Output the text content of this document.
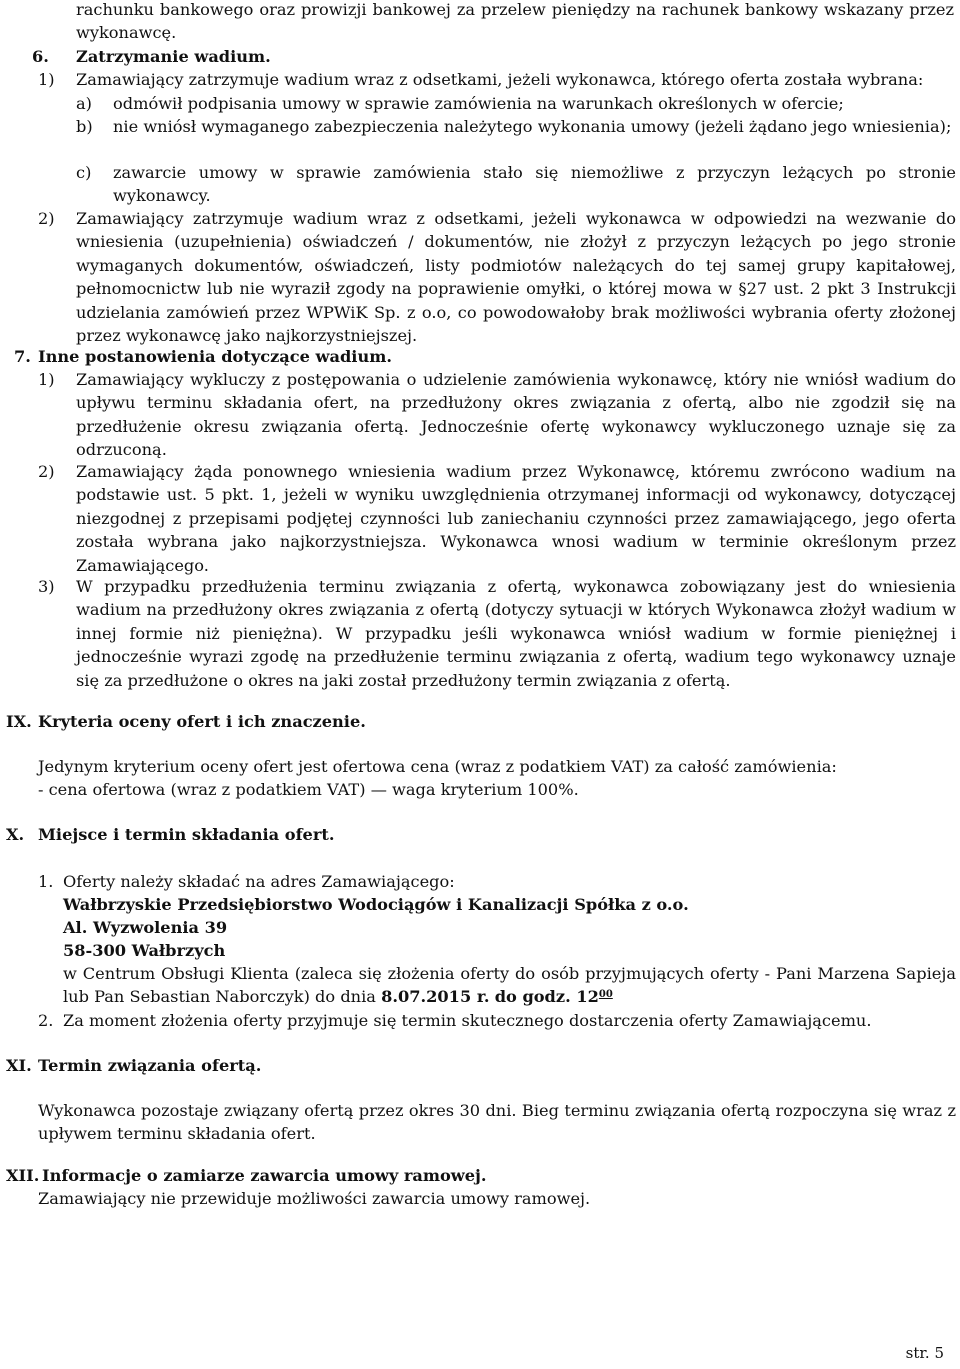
rachunku bankowego oraz prowizji bankowej za przelew pieniędzy na rachunek bankowy wskazany przez wykonawcę.

6. Zatrzymanie wadium.
1) Zamawiający zatrzymuje wadium wraz z odsetkami, jeżeli wykonawca, którego oferta została wybrana:

a) odmówił podpisania umowy w sprawie zamówienia na warunkach określonych w ofercie;

b) nie wniósł wymaganego zabezpieczenia należytego wykonania umowy (jeżeli żądano jego wniesienia);

c) zawarcie umowy w sprawie zamówienia stało się niemożliwe z przyczyn leżących po stronie wykonawcy.

2) Zamawiający zatrzymuje wadium wraz z odsetkami, jeżeli wykonawca w odpowiedzi na wezwanie do wniesienia (uzupełnienia) oświadczeń / dokumentów, nie złożył z przyczyn leżących po jego stronie wymaganych dokumentów, oświadczeń, listy podmiotów należących do tej samej grupy kapitałowej, pełnomocnictw lub nie wyraził zgody na poprawienie omyłki, o której mowa w §27 ust. 2 pkt 3 Instrukcji udzielania zamówień przez WPWiK Sp. z o.o, co powodowałoby brak możliwości wybrania oferty złożonej przez wykonawcę jako najkorzystniejszej.

7. Inne postanowienia dotyczące wadium.
1) Zamawiający wykluczy z postępowania o udzielenie zamówienia wykonawcę, który nie wniósł wadium do upływu terminu składania ofert, na przedłużony okres związania z ofertą, albo nie zgodził się na przedłużenie okresu związania ofertą. Jednocześnie ofertę wykonawcy wykluczonego uznaje się za odrzuconą.

2) Zamawiający żąda ponownego wniesienia wadium przez Wykonawcę, któremu zwrócono wadium na podstawie ust. 5 pkt. 1, jeżeli w wyniku uwzględnienia otrzymanej informacji od wykonawcy, dotyczącej niezgodnej z przepisami podjętej czynności lub zaniechaniu czynności przez zamawiającego, jego oferta została wybrana jako najkorzystniejsza. Wykonawca wnosi wadium w terminie określonym przez Zamawiającego.

3) W przypadku przedłużenia terminu związania z ofertą, wykonawca zobowiązany jest do wniesienia wadium na przedłużony okres związania z ofertą (dotyczy sytuacji w których Wykonawca złożył wadium w innej formie niż pieniężna). W przypadku jeśli wykonawca wniósł wadium w formie pieniężnej i jednocześnie wyrazi zgodę na przedłużenie terminu związania z ofertą, wadium tego wykonawcy uznaje się za przedłużone o okres na jaki został przedłużony termin związania z ofertą.

IX. Kryteria oceny ofert i ich znaczenie.

Jedynym kryterium oceny ofert jest ofertowa cena (wraz z podatkiem VAT) za całość zamówienia:

- cena ofertowa (wraz z podatkiem VAT) — waga kryterium 100%.

X. Miejsce i termin składania ofert.
1. Oferty należy składać na adres Zamawiającego:

Wałbrzyskie Przedsiębiorstwo Wodociągów i Kanalizacji Spółka z o.o.

Al. Wyzwolenia 39

58-300 Wałbrzych

w Centrum Obsługi Klienta (zaleca się złożenia oferty do osób przyjmujących oferty - Pani Marzena Sapieja lub Pan Sebastian Naborczyk) do dnia 8.07.2015 r. do godz. $12^{00}$

2. Za moment złożenia oferty przyjmuje się termin skutecznego dostarczenia oferty Zamawiającemu.

XI. Termin związania ofertą.

Wykonawca pozostaje związany ofertą przez okres 30 dni. Bieg terminu związania ofertą rozpoczyna się wraz z upływem terminu składania ofert.

XII. Informacje o zamiarze zawarcia umowy ramowej.

Zamawiający nie przewiduje możliwości zawarcia umowy ramowej.

str. 5
